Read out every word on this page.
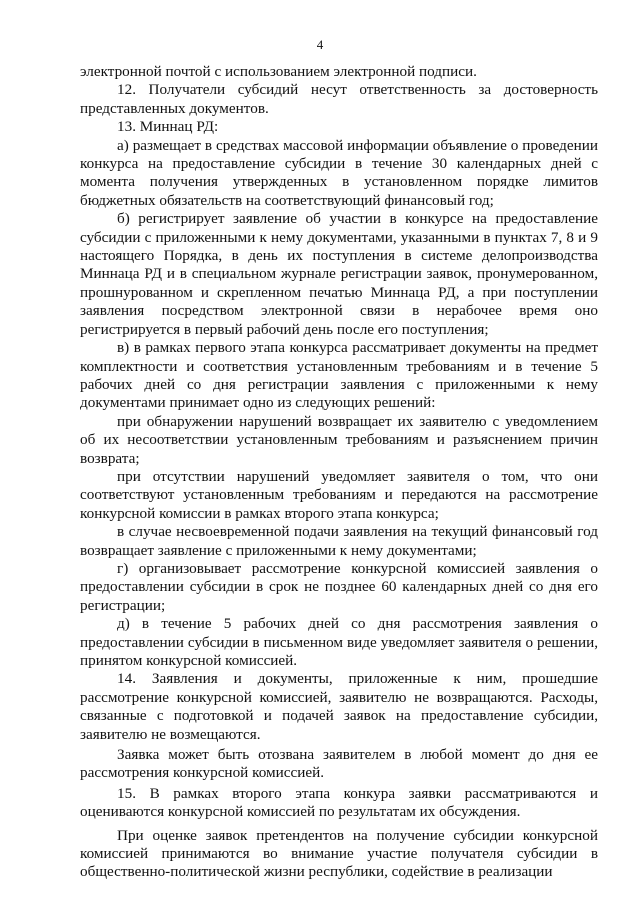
4

электронной почтой с использованием электронной подписи.

12. Получатели субсидий несут ответственность за достоверность представленных документов.

13. Миннац РД:

а) размещает в средствах массовой информации объявление о проведении конкурса на предоставление субсидии в течение 30 календарных дней с момента получения утвержденных в установленном порядке лимитов бюджетных обязательств на соответствующий финансовый год;

б) регистрирует заявление об участии в конкурсе на предоставление субсидии с приложенными к нему документами, указанными в пунктах 7, 8 и 9 настоящего Порядка, в день их поступления в системе делопроизводства Миннаца РД и в специальном журнале регистрации заявок, пронумерованном, прошнурованном и скрепленном печатью Миннаца РД, а при поступлении заявления посредством электронной связи в нерабочее время оно регистрируется в первый рабочий день после его поступления;

в) в рамках первого этапа конкурса рассматривает документы на предмет комплектности и соответствия установленным требованиям и в течение 5 рабочих дней со дня регистрации заявления с приложенными к нему документами принимает одно из следующих решений:

при обнаружении нарушений возвращает их заявителю с уведомлением об их несоответствии установленным требованиям и разъяснением причин возврата;

при отсутствии нарушений уведомляет заявителя о том, что они соответствуют установленным требованиям и передаются на рассмотрение конкурсной комиссии в рамках второго этапа конкурса;

в случае несвоевременной подачи заявления на текущий финансовый год возвращает заявление с приложенными к нему документами;

г) организовывает рассмотрение конкурсной комиссией заявления о предоставлении субсидии в срок не позднее 60 календарных дней со дня его регистрации;

д) в течение 5 рабочих дней со дня рассмотрения заявления о предоставлении субсидии в письменном виде уведомляет заявителя о решении, принятом конкурсной комиссией.

14. Заявления и документы, приложенные к ним, прошедшие рассмотрение конкурсной комиссией, заявителю не возвращаются. Расходы, связанные с подготовкой и подачей заявок на предоставление субсидии, заявителю не возмещаются.

Заявка может быть отозвана заявителем в любой момент до дня ее рассмотрения конкурсной комиссией.

15. В рамках второго этапа конкура заявки рассматриваются и оцениваются конкурсной комиссией по результатам их обсуждения.

При оценке заявок претендентов на получение субсидии конкурсной комиссией принимаются во внимание участие получателя субсидии в общественно-политической жизни республики, содействие в реализации
